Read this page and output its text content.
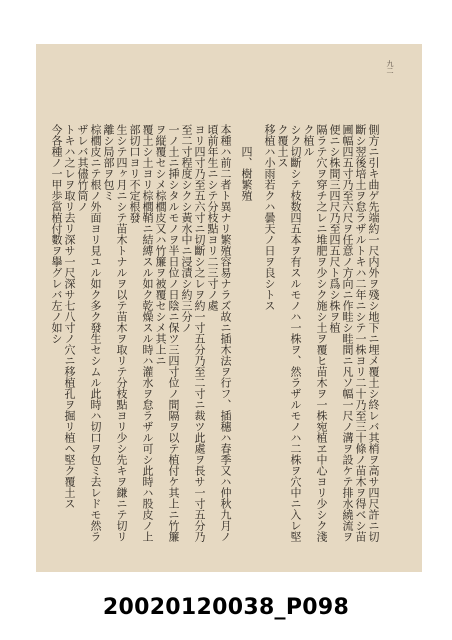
九二

側方ニ引キ曲ゲ先端約一尺内外ヲ殘シ地下ニ埋メ覆土シ終レバ其梢ヲ高サ四尺許ニ切斷シ翌後培土ヲ怠ラザルトキハ二年ニシテ一株ヨリ二十乃至三十條ノ苗木ヲ得ベシ苗圃幅四五寸乃至六尺ヲ任意ノ方向ニ作畦シ畦間ニ凡ソ幅一尺ノ溝ヲ設ケテ排水繞流ヲ便ニシ株間三四尺乃至四五尺ト爲シ株ヲ植

隔ラテ穴ヲ穿チ之レニ堆肥ヲ少シク施シ土ヲ覆ヒ苗木ヲ一株宛植ヱ中心ヨリ少シク淺ク植ル

シク切斷シテ枝数四五本ヲ有スルモノハ一株ヲ、然ラザルモノハ二株ヲ穴中ニ入レ堅ク覆土ス

移植ハ小雨若クハ曇天ノ日ヲ良シトス

四、樹繁殖

本種ハ前二者ト異ナリ繁殖容易ナラズ故ニ插木法ヲ行フ、插穗ハ春季又ハ仲秋九月ノ頃前年生ニシテ分枝點ヨリ二三寸ノ處

ヨリ四寸乃至五六寸ニ切斷シ之レヲ約一寸五分乃至二寸ニ裁ツ此處ヲ長サ一寸五分乃至二寸程度シクシ黃水中ニ浸漬シ約三分ノ

一ノ土ニ挿シタルモノヲ半日位ノ日陰ニ保ツ三四寸位ノ間隔ヲ以テ植付ケ其上ニ竹簾ヲ縦覆セシメ棕櫚皮又ハ竹簾ヲ被覆セシメ其上ニ

覆土シ土ヨリ棕櫚鞘ニ結縛スル如ク乾燥スル時ハ灌水ヲ怠ラザル可シ此時ハ股皮ノ上部切口ヨリ不定根發

生シテ四ヶ月ニシテ苗木トナルヲ以テ苗木ヲ取リテ分枝點ヨリ少シ先キヲ鎌ニテ切リ離シ局部ヲ包ミ

棕櫚皮ニテ根ノ外面ヨリ見ユル如ク多ク發生セシムル此時ハ切口ヲ包ミ去レドモ然ラザレバ其儘竹筒ノ

トキハ之レヲ取リ去リ深サ一尺深サ七八寸ノ穴ニ移植孔ヲ掘リ植ヘ堅ク覆土ス

今各種ノ一甲歩當植付數ヲ擧グレバ左ノ如シ

20020120038_P098
